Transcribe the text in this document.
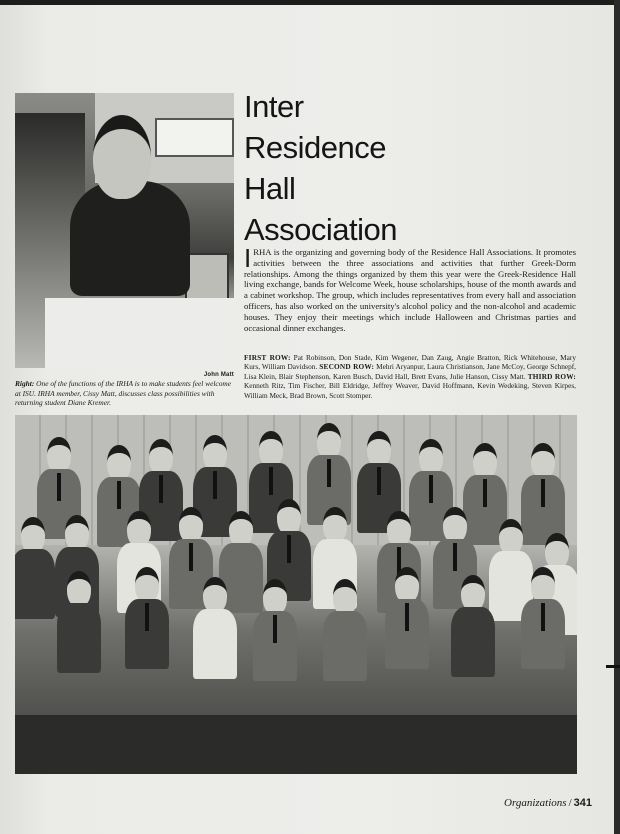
John Matt
Right: One of the functions of the IRHA is to make students feel welcome at ISU. IRHA member, Cissy Matt, discusses class possibilities with returning student Diane Kremer.
Inter
Residence
Hall
Association
IRHA is the organizing and governing body of the Residence Hall Associations. It promotes activities between the three associations and activities that further Greek-Dorm relationships. Among the things organized by them this year were the Greek-Residence Hall living exchange, bands for Welcome Week, house scholarships, house of the month awards and a cabinet workshop. The group, which includes representatives from every hall and association officers, has also worked on the university's alcohol policy and the non-alcohol and academic houses. They enjoy their meetings which include Halloween and Christmas parties and occasional dinner exchanges.
FIRST ROW: Pat Robinson, Don Stade, Kim Wegener, Dan Zaug, Angie Bratton, Rick Whitehouse, Mary Kurs, William Davidson. SECOND ROW: Mehri Aryanpur, Laura Christianson, Jane McCoy, George Schnepf, Lisa Klein, Blair Stephenson, Karen Busch, David Hall, Brett Evans, Julie Hanson, Cissy Matt. THIRD ROW: Kenneth Ritz, Tim Fischer, Bill Eldridge, Jeffrey Weaver, David Hoffmann, Kevin Wedeking, Steven Kirpes, William Meck, Brad Brown, Scott Stomper.
Organizations / 341
